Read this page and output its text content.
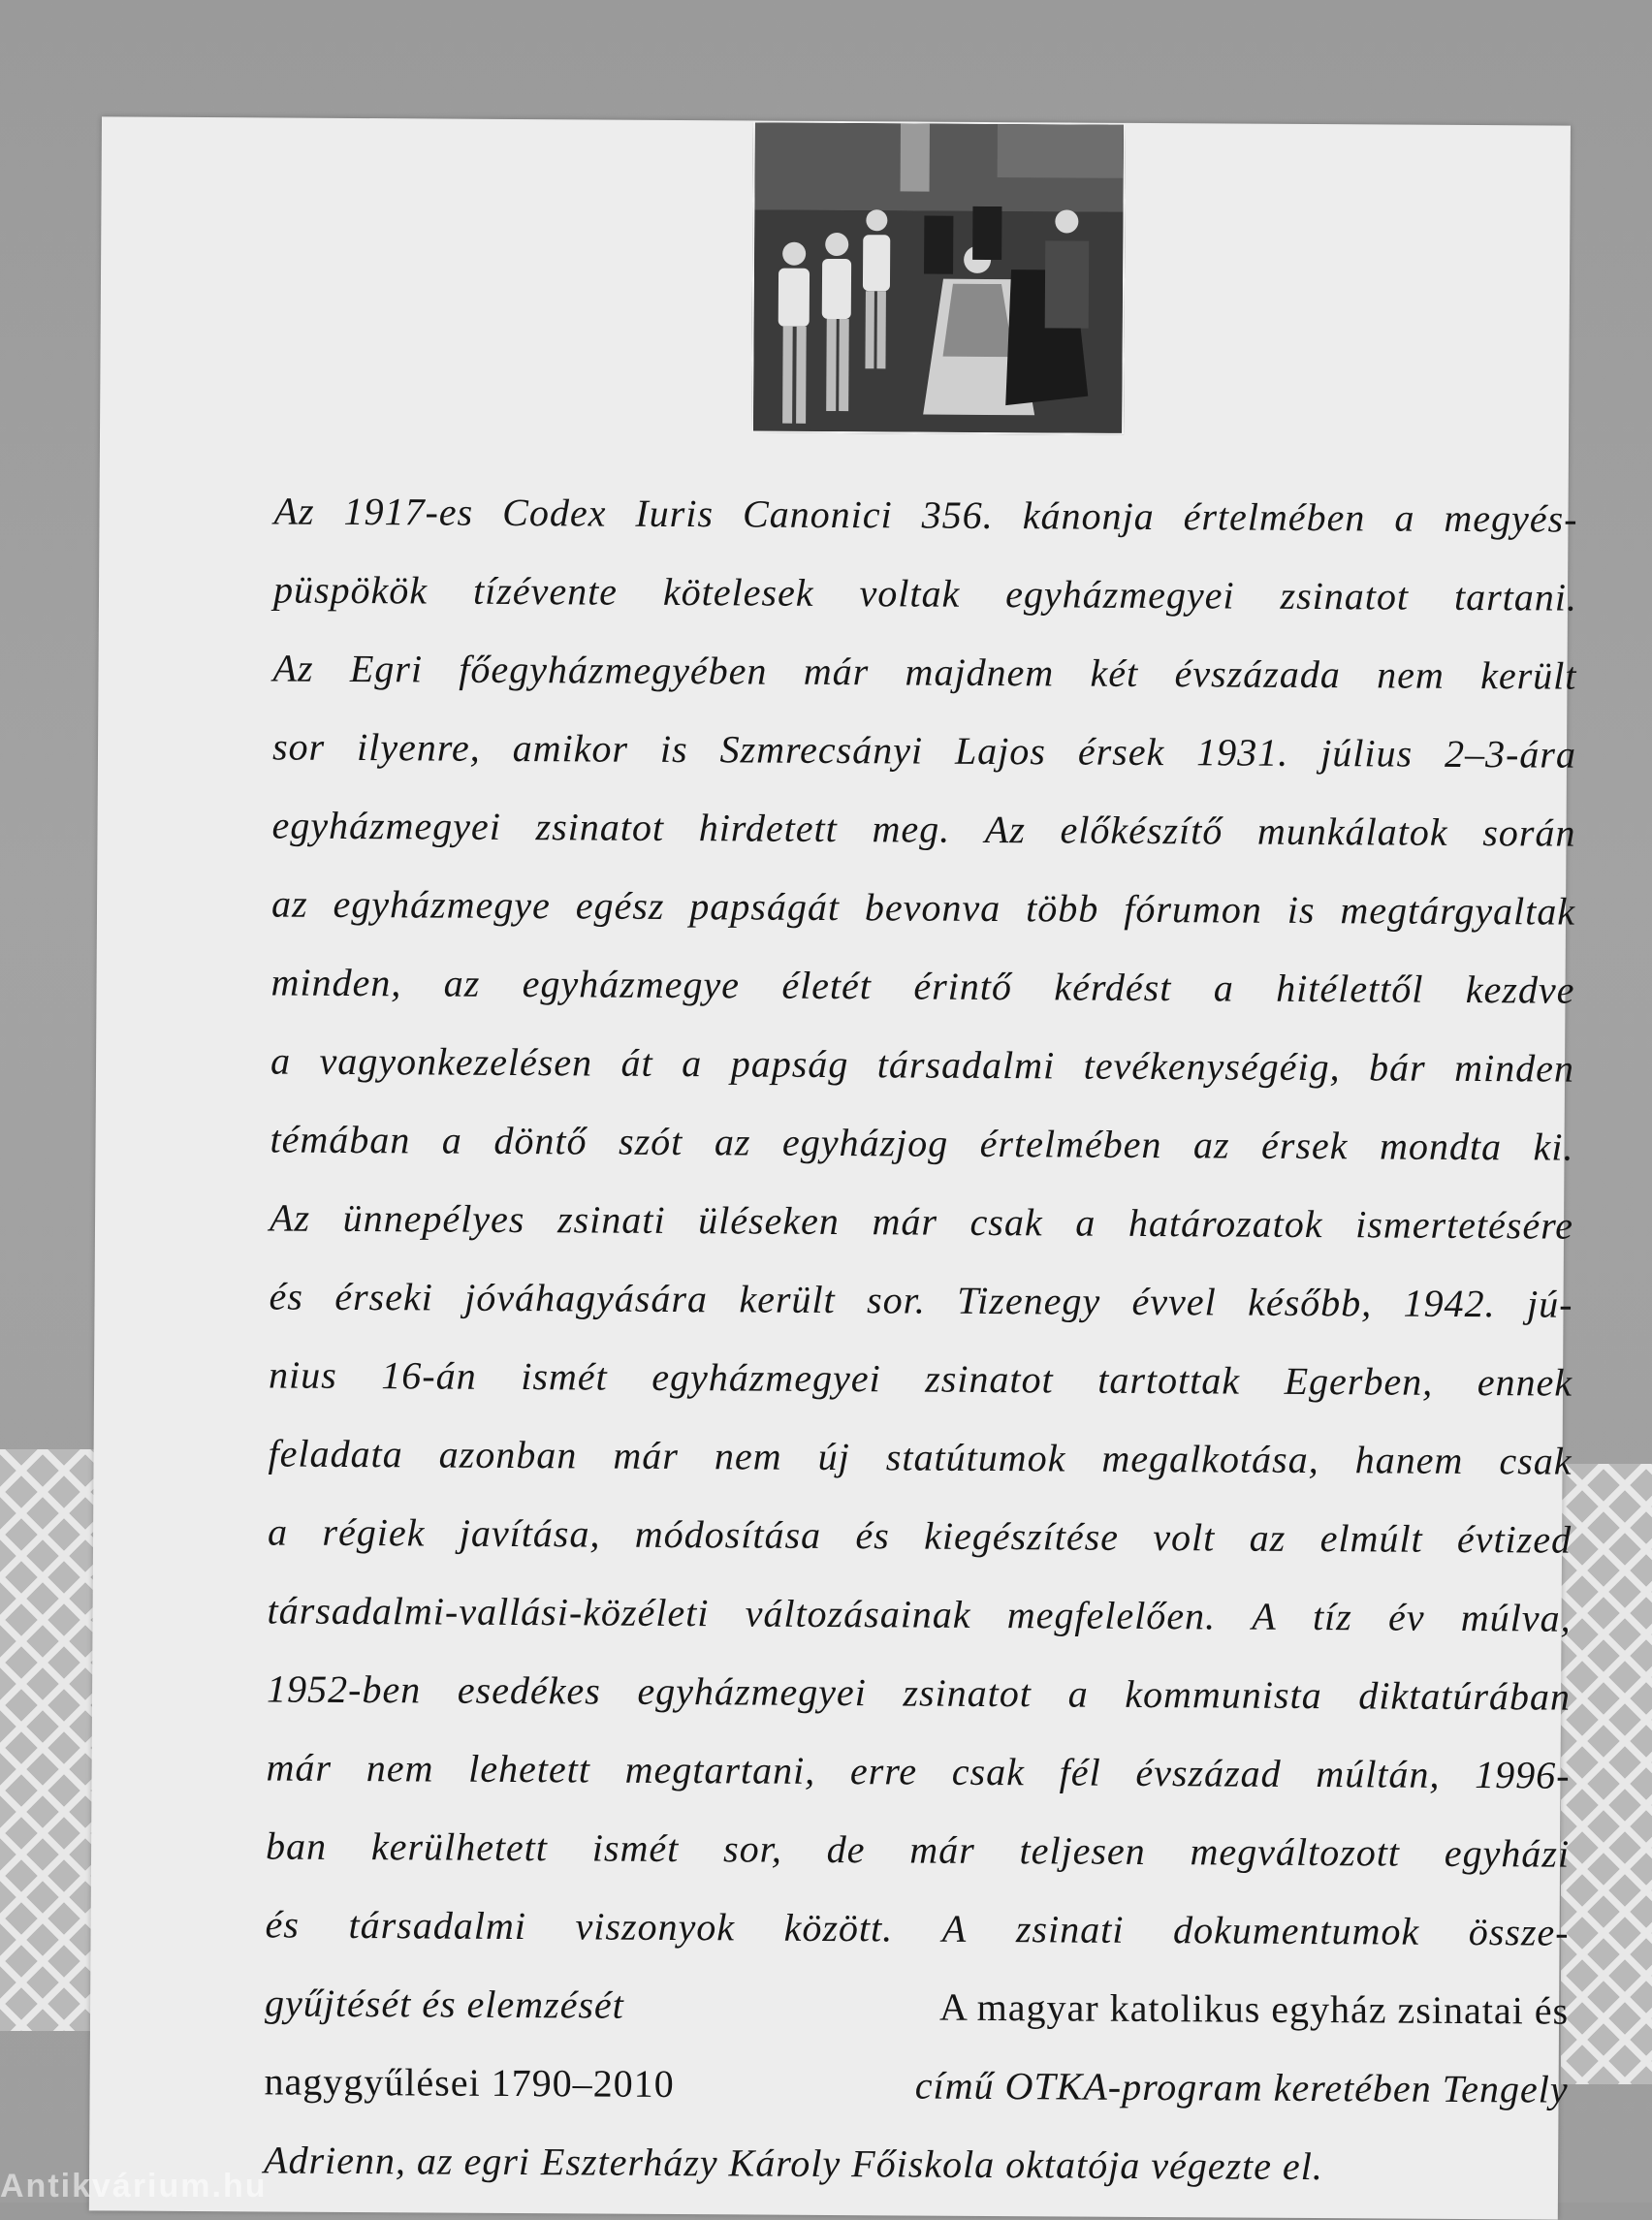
Az 1917-es Codex Iuris Canonici 356. kánonja értelmében a megyés-
püspökök tízévente kötelesek voltak egyházmegyei zsinatot tartani.
Az Egri főegyházmegyében már majdnem két évszázada nem került
sor ilyenre, amikor is Szmrecsányi Lajos érsek 1931. július 2–3-ára
egyházmegyei zsinatot hirdetett meg. Az előkészítő munkálatok során
az egyházmegye egész papságát bevonva több fórumon is megtárgyaltak
minden, az egyházmegye életét érintő kérdést a hitélettől kezdve
a vagyonkezelésen át a papság társadalmi tevékenységéig, bár minden
témában a döntő szót az egyházjog értelmében az érsek mondta ki.
Az ünnepélyes zsinati üléseken már csak a határozatok ismertetésére
és érseki jóváhagyására került sor. Tizenegy évvel később, 1942. jú-
nius 16-án ismét egyházmegyei zsinatot tartottak Egerben, ennek
feladata azonban már nem új statútumok megalkotása, hanem csak
a régiek javítása, módosítása és kiegészítése volt az elmúlt évtized
társadalmi-vallási-közéleti változásainak megfelelően. A tíz év múlva,
1952-ben esedékes egyházmegyei zsinatot a kommunista diktatúrában
már nem lehetett megtartani, erre csak fél évszázad múltán, 1996-
ban kerülhetett ismét sor, de már teljesen megváltozott egyházi
és társadalmi viszonyok között. A zsinati dokumentumok össze-
gyűjtését és elemzését	A magyar katolikus egyház zsinatai és
nagygyűlései 1790–2010	című OTKA-program keretében Tengely
Adrienn, az egri Eszterházy Károly Főiskola oktatója végezte el.
Antikvárium.hu
